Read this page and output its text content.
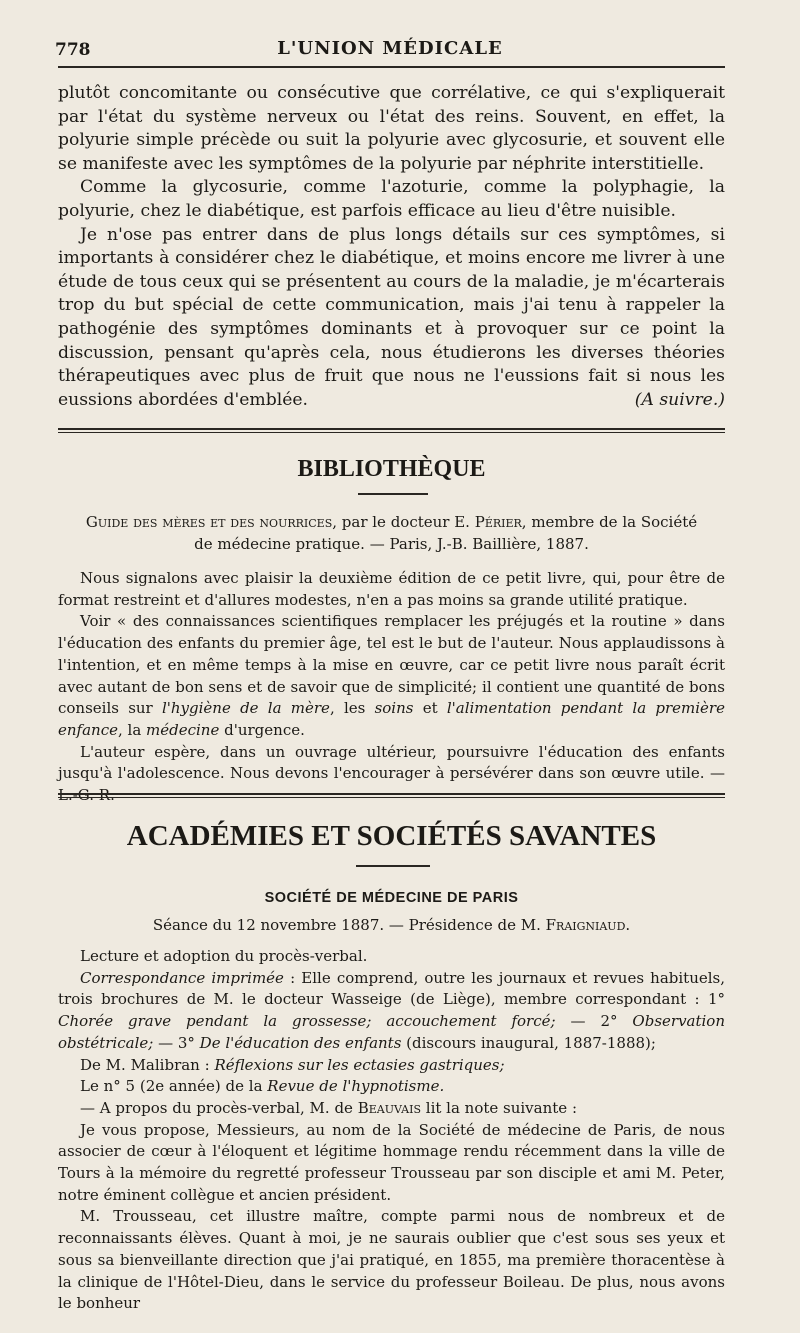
778	L'UNION MÉDICALE

plutôt concomitante ou consécutive que corrélative, ce qui s'expliquerait par l'état du système nerveux ou l'état des reins. Souvent, en effet, la polyurie simple précède ou suit la polyurie avec glycosurie, et souvent elle se manifeste avec les symptômes de la polyurie par néphrite interstitielle.

Comme la glycosurie, comme l'azoturie, comme la polyphagie, la polyurie, chez le diabétique, est parfois efficace au lieu d'être nuisible.

Je n'ose pas entrer dans de plus longs détails sur ces symptômes, si importants à considérer chez le diabétique, et moins encore me livrer à une étude de tous ceux qui se présentent au cours de la maladie, je m'écarterais trop du but spécial de cette communication, mais j'ai tenu à rappeler la pathogénie des symptômes dominants et à provoquer sur ce point la discussion, pensant qu'après cela, nous étudierons les diverses théories thérapeutiques avec plus de fruit que nous ne l'eussions fait si nous les eussions abordées d'emblée.	(A suivre.)

BIBLIOTHÈQUE
Guide des mères et des nourrices, par le docteur E. Périer, membre de la Société
de médecine pratique. — Paris, J.-B. Baillière, 1887.

Nous signalons avec plaisir la deuxième édition de ce petit livre, qui, pour être de format restreint et d'allures modestes, n'en a pas moins sa grande utilité pratique.

Voir « des connaissances scientifiques remplacer les préjugés et la routine » dans l'éducation des enfants du premier âge, tel est le but de l'auteur. Nous applaudissons à l'intention, et en même temps à la mise en œuvre, car ce petit livre nous paraît écrit avec autant de bon sens et de savoir que de simplicité; il contient une quantité de bons conseils sur l'hygiène de la mère, les soins et l'alimentation pendant la première enfance, la médecine d'urgence.

L'auteur espère, dans un ouvrage ultérieur, poursuivre l'éducation des enfants jusqu'à l'adolescence. Nous devons l'encourager à persévérer dans son œuvre utile. — L.-G. R.

ACADÉMIES ET SOCIÉTÉS SAVANTES
SOCIÉTÉ DE MÉDECINE DE PARIS
Séance du 12 novembre 1887. — Présidence de M. Fraigniaud.

Lecture et adoption du procès-verbal.

Correspondance imprimée : Elle comprend, outre les journaux et revues habituels, trois brochures de M. le docteur Wasseige (de Liège), membre correspondant : 1° Chorée grave pendant la grossesse; accouchement forcé; — 2° Observation obstétricale; — 3° De l'éducation des enfants (discours inaugural, 1887-1888);

De M. Malibran : Réflexions sur les ectasies gastriques;

Le n° 5 (2e année) de la Revue de l'hypnotisme.

— A propos du procès-verbal, M. de Beauvais lit la note suivante :

Je vous propose, Messieurs, au nom de la Société de médecine de Paris, de nous associer de cœur à l'éloquent et légitime hommage rendu récemment dans la ville de Tours à la mémoire du regretté professeur Trousseau par son disciple et ami M. Peter, notre éminent collègue et ancien président.

M. Trousseau, cet illustre maître, compte parmi nous de nombreux et de reconnaissants élèves. Quant à moi, je ne saurais oublier que c'est sous ses yeux et sous sa bienveillante direction que j'ai pratiqué, en 1855, ma première thoracentèse à la clinique de l'Hôtel-Dieu, dans le service du professeur Boileau. De plus, nous avons le bonheur
